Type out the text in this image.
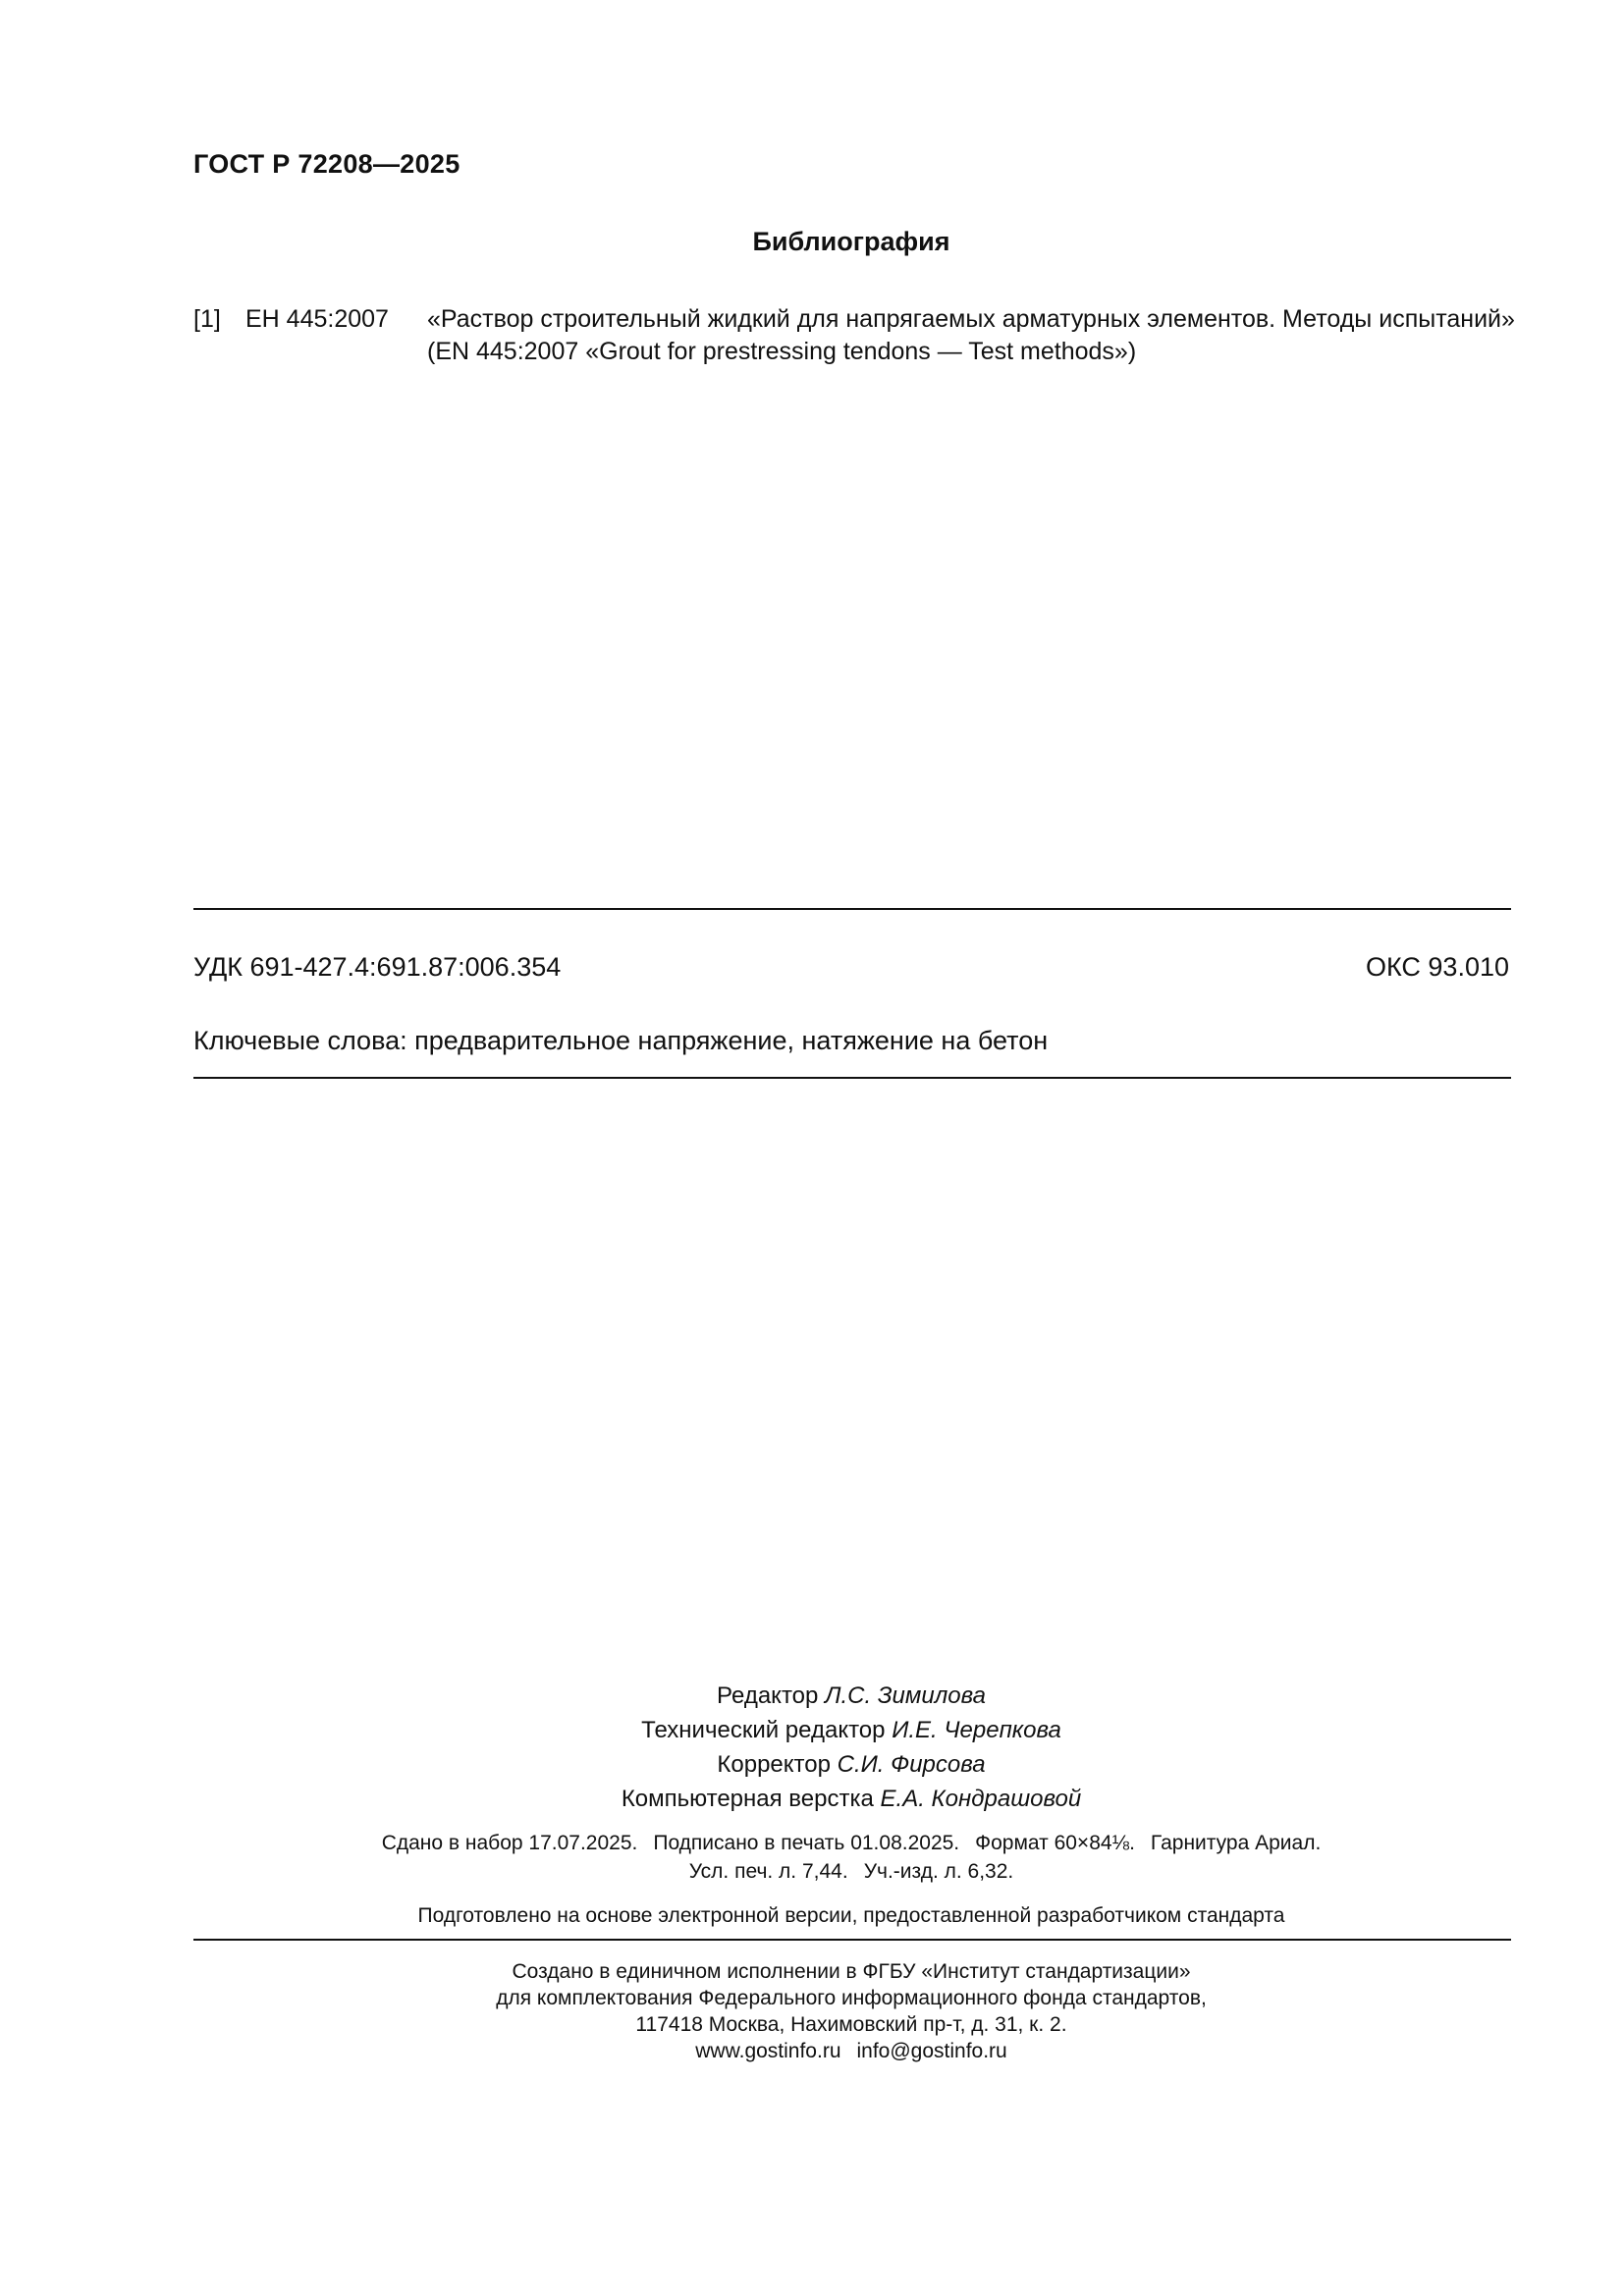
ГОСТ Р 72208—2025
Библиография
[1] ЕН 445:2007 «Раствор строительный жидкий для напрягаемых арматурных элементов. Методы испытаний»
(EN 445:2007 «Grout for prestressing tendons — Test methods»)
УДК 691-427.4:691.87:006.354	ОКС 93.010
Ключевые слова: предварительное напряжение, натяжение на бетон
Редактор Л.С. Зимилова
Технический редактор И.Е. Черепкова
Корректор С.И. Фирсова
Компьютерная верстка Е.А. Кондрашовой
Сдано в набор 17.07.2025. Подписано в печать 01.08.2025. Формат 60×84⅛. Гарнитура Ариал.
Усл. печ. л. 7,44. Уч.-изд. л. 6,32.
Подготовлено на основе электронной версии, предоставленной разработчиком стандарта
Создано в единичном исполнении в ФГБУ «Институт стандартизации»
для комплектования Федерального информационного фонда стандартов,
117418 Москва, Нахимовский пр-т, д. 31, к. 2.
www.gostinfo.ru info@gostinfo.ru
